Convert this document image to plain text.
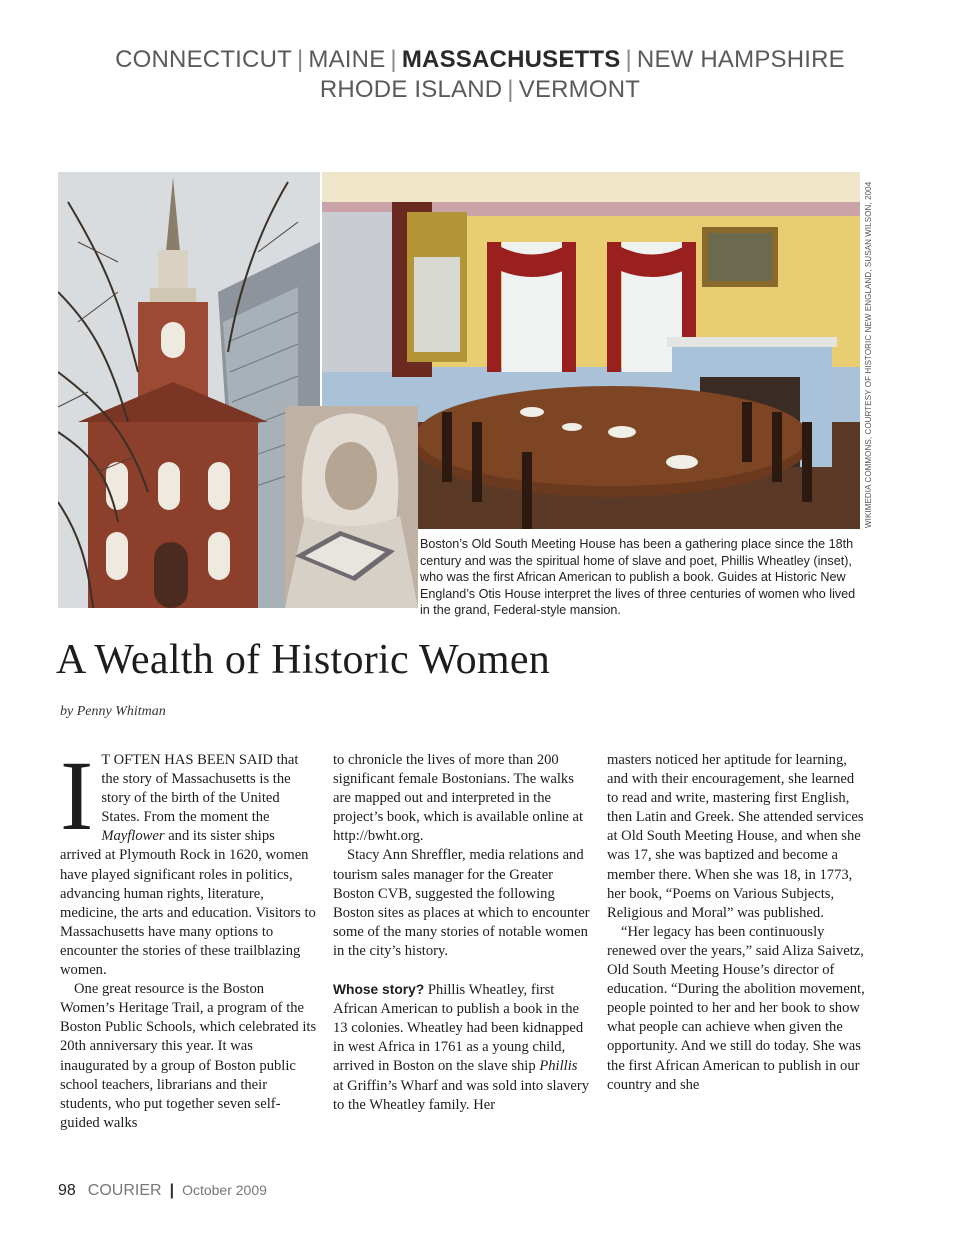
CONNECTICUT | MAINE | MASSACHUSETTS | NEW HAMPSHIRE
RHODE ISLAND | VERMONT
WIKIMEDIA COMMONS, COURTESY OF HISTORIC NEW ENGLAND, SUSAN WILSON, 2004
Boston’s Old South Meeting House has been a gathering place since the 18th century and was the spiritual home of slave and poet, Phillis Wheatley (inset), who was the first African American to publish a book. Guides at Historic New England’s Otis House interpret the lives of three centuries of women who lived in the grand, Federal-style mansion.
A Wealth of Historic Women
by Penny Whitman

I T OFTEN HAS BEEN SAID that the story of Massachusetts is the story of the birth of the United States. From the moment the Mayflower and its sister ships arrived at Plymouth Rock in 1620, women have played significant roles in politics, advancing human rights, literature, medicine, the arts and education. Visitors to Massachusetts have many options to encounter the stories of these trailblazing women.

One great resource is the Boston Women’s Heritage Trail, a program of the Boston Public Schools, which celebrated its 20th anniversary this year. It was inaugurated by a group of Boston public school teachers, librarians and their students, who put together seven self-guided walks

to chronicle the lives of more than 200 significant female Bostonians. The walks are mapped out and interpreted in the project’s book, which is available online at http://bwht.org.

Stacy Ann Shreffler, media relations and tourism sales manager for the Greater Boston CVB, suggested the following Boston sites as places at which to encounter some of the many stories of notable women in the city’s history.

Whose story? Phillis Wheatley, first African American to publish a book in the 13 colonies. Wheatley had been kidnapped in west Africa in 1761 as a young child, arrived in Boston on the slave ship Phillis at Griffin’s Wharf and was sold into slavery to the Wheatley family. Her

masters noticed her aptitude for learning, and with their encouragement, she learned to read and write, mastering first English, then Latin and Greek. She attended services at Old South Meeting House, and when she was 17, she was baptized and become a member there. When she was 18, in 1773, her book, “Poems on Various Subjects, Religious and Moral” was published.

“Her legacy has been continuously renewed over the years,” said Aliza Saivetz, Old South Meeting House’s director of education. “During the abolition movement, people pointed to her and her book to show what people can achieve when given the opportunity. And we still do today. She was the first African American to publish in our country and she

98 COURIER | October 2009
